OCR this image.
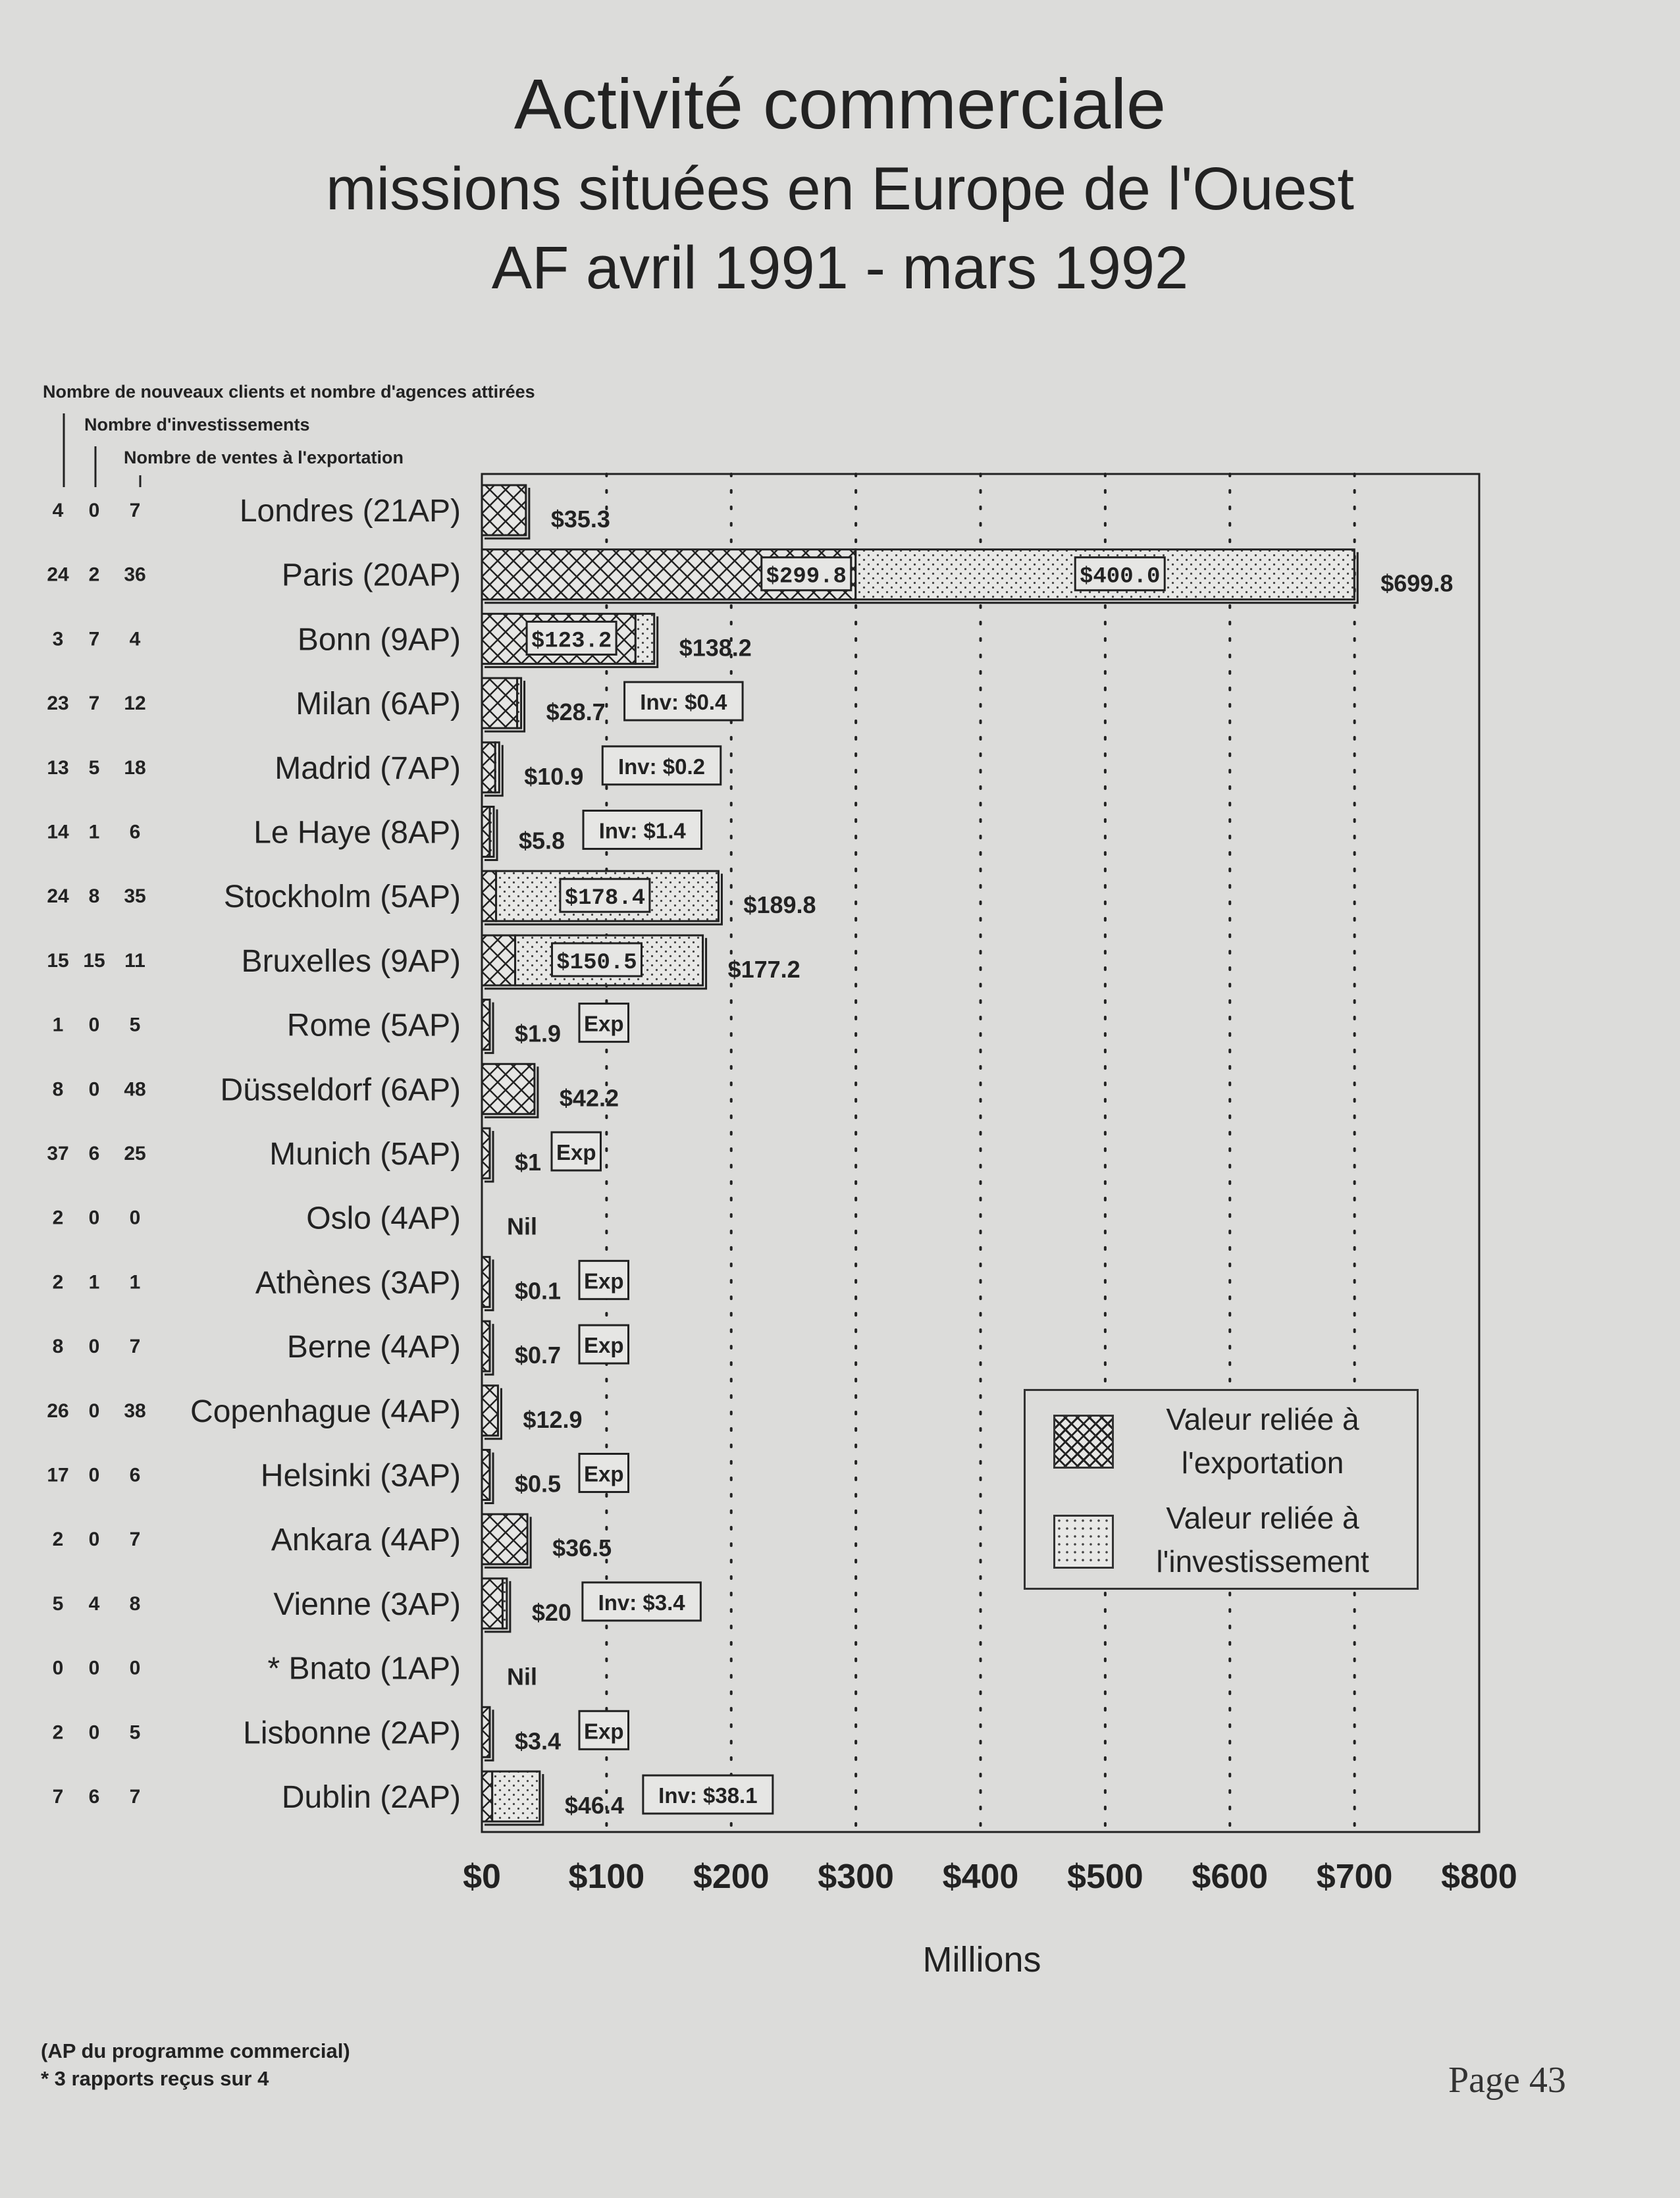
Activité commerciale
missions situées en Europe de l'Ouest
AF avril 1991 - mars 1992
Nombre de nouveaux clients et nombre d'agences attirées
Nombre d'investissements
Nombre de ventes à l'exportation
$0 $100 $200 $300 $400 $500 $600 $700 $800
Millions
4 0 7	Londres (21AP)	$35.3
24 2 36	Paris (20AP)	$299.8	$400.0	$699.8
3 7 4	Bonn (9AP)	$123.2	$138.2
23 7 12	Milan (6AP)	$28.7 Inv: $0.4
13 5 18	Madrid (7AP)	$10.9 Inv: $0.2
14 1 6	Le Haye (8AP) $5.8 Inv: $1.4
24 8 35 Stockholm (5AP)	$178.4	$189.8
15 15 11	Bruxelles (9AP)	$150.5	$177.2
1 0 5	Rome (5AP) $1.9 Exp
8 0 48 Düsseldorf (6AP)	$42.2
37 6 25	Munich (5AP) $1 Exp
2 0 0	Oslo (4AP) Nil
2 1 1	Athènes (3AP) $0.1 Exp
8 0 7	Berne (4AP) $0.7 Exp
26 0 38 Copenhague (4AP)	$12.9
17 0 6	Helsinki (3AP) $0.5 Exp
2 0 7	Ankara (4AP)	$36.5
5 4 8	Vienne (3AP)	$20 Inv: $3.4
0 0 0	* Bnato (1AP) Nil
2 0 5	Lisbonne (2AP) $3.4 Exp
7 6 7	Dublin (2AP)	$46.4 Inv: $38.1
Valeur reliée à l'exportation
Valeur reliée à l'investissement
(AP du programme commercial)
* 3 rapports reçus sur 4	Page 43
